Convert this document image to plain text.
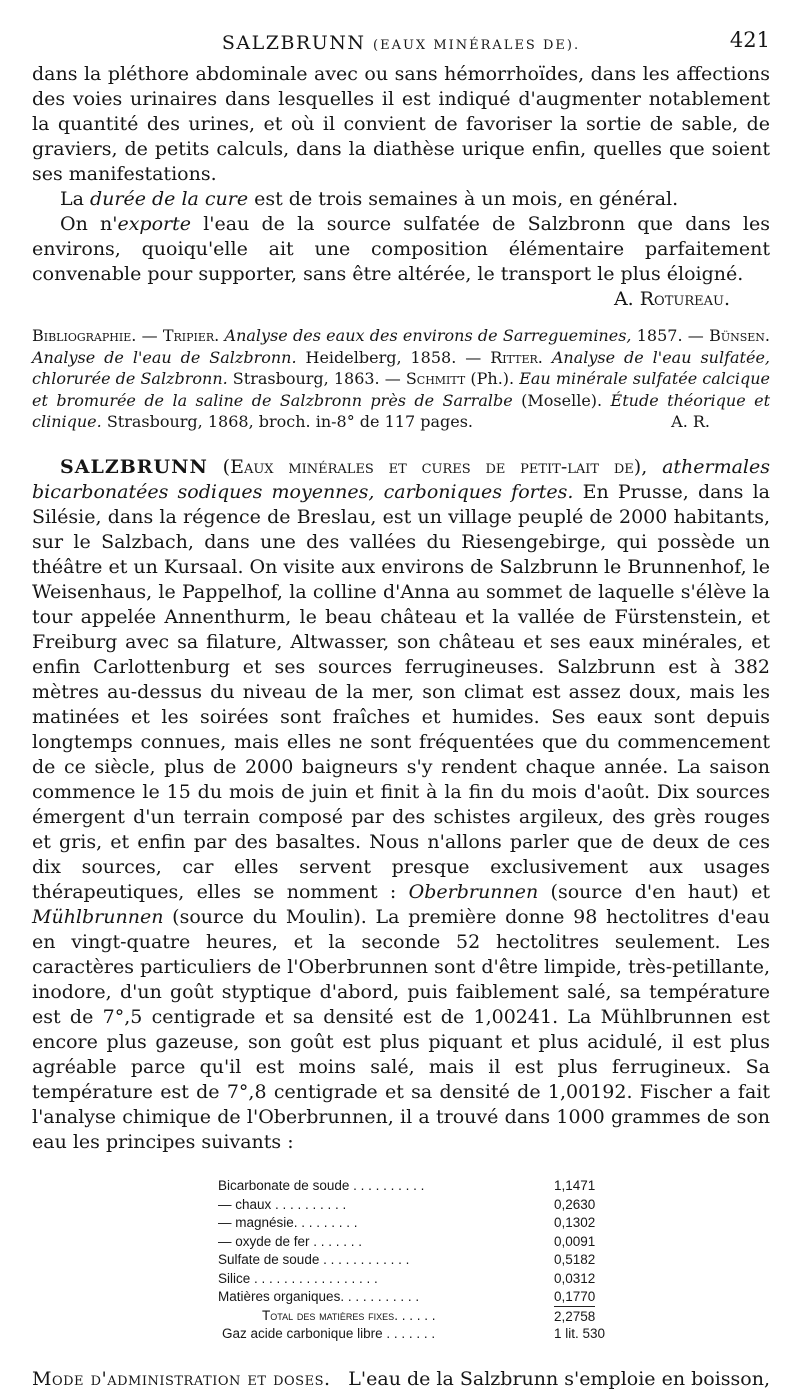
SALZBRUNN (EAUX MINÉRALES DE).	421

dans la pléthore abdominale avec ou sans hémorrhoïdes, dans les affections des voies urinaires dans lesquelles il est indiqué d'augmenter notablement la quantité des urines, et où il convient de favoriser la sortie de sable, de graviers, de petits calculs, dans la diathèse urique enfin, quelles que soient ses manifestations.

La durée de la cure est de trois semaines à un mois, en général.

On n'exporte l'eau de la source sulfatée de Salzbronn que dans les environs, quoiqu'elle ait une composition élémentaire parfaitement convenable pour supporter, sans être altérée, le transport le plus éloigné.
A. Rotureau.

Bibliographie. — Tripier. Analyse des eaux des environs de Sarreguemines, 1857. — Bünsen. Analyse de l'eau de Salzbronn. Heidelberg, 1858. — Ritter. Analyse de l'eau sulfatée, chlorurée de Salzbronn. Strasbourg, 1863. — Schmitt (Ph.). Eau minérale sulfatée calcique et bromurée de la saline de Salzbronn près de Sarralbe (Moselle). Étude théorique et clinique. Strasbourg, 1868, broch. in-8° de 117 pages.	A. R.

SALZBRUNN (Eaux minérales et cures de petit-lait de), athermales bicarbonatées sodiques moyennes, carboniques fortes. En Prusse, dans la Silésie, dans la régence de Breslau, est un village peuplé de 2000 habitants, sur le Salzbach, dans une des vallées du Riesengebirge, qui possède un théâtre et un Kursaal. On visite aux environs de Salzbrunn le Brunnenhof, le Weisenhaus, le Pappelhof, la colline d'Anna au sommet de laquelle s'élève la tour appelée Annenthurm, le beau château et la vallée de Fürstenstein, et Freiburg avec sa filature, Altwasser, son château et ses eaux minérales, et enfin Carlottenburg et ses sources ferrugineuses. Salzbrunn est à 382 mètres au-dessus du niveau de la mer, son climat est assez doux, mais les matinées et les soirées sont fraîches et humides. Ses eaux sont depuis longtemps connues, mais elles ne sont fréquentées que du commencement de ce siècle, plus de 2000 baigneurs s'y rendent chaque année. La saison commence le 15 du mois de juin et finit à la fin du mois d'août. Dix sources émergent d'un terrain composé par des schistes argileux, des grès rouges et gris, et enfin par des basaltes. Nous n'allons parler que de deux de ces dix sources, car elles servent presque exclusivement aux usages thérapeutiques, elles se nomment : Oberbrunnen (source d'en haut) et Mühlbrunnen (source du Moulin). La première donne 98 hectolitres d'eau en vingt-quatre heures, et la seconde 52 hectolitres seulement. Les caractères particuliers de l'Oberbrunnen sont d'être limpide, très-petillante, inodore, d'un goût styptique d'abord, puis faiblement salé, sa température est de 7°,5 centigrade et sa densité est de 1,00241. La Mühlbrunnen est encore plus gazeuse, son goût est plus piquant et plus acidulé, il est plus agréable parce qu'il est moins salé, mais il est plus ferrugineux. Sa température est de 7°,8 centigrade et sa densité de 1,00192. Fischer a fait l'analyse chimique de l'Oberbrunnen, il a trouvé dans 1000 grammes de son eau les principes suivants :

Bicarbonate de soude . . . . . . . . . .	1,1471
— chaux . . . . . . . . . .	0,2630
— magnésie. . . . . . . . .	0,1302
— oxyde de fer . . . . . . .	0,0091
Sulfate de soude . . . . . . . . . . . .	0,5182
Silice . . . . . . . . . . . . . . . . .	0,0312
Matières organiques. . . . . . . . . . .	0,1770
Total des matières fixes. . . . . .	2,2758
Gaz acide carbonique libre . . . . . . .	1 lit. 530
Mode d'administration et doses. L'eau de la Salzbrunn s'emploie en boisson,
